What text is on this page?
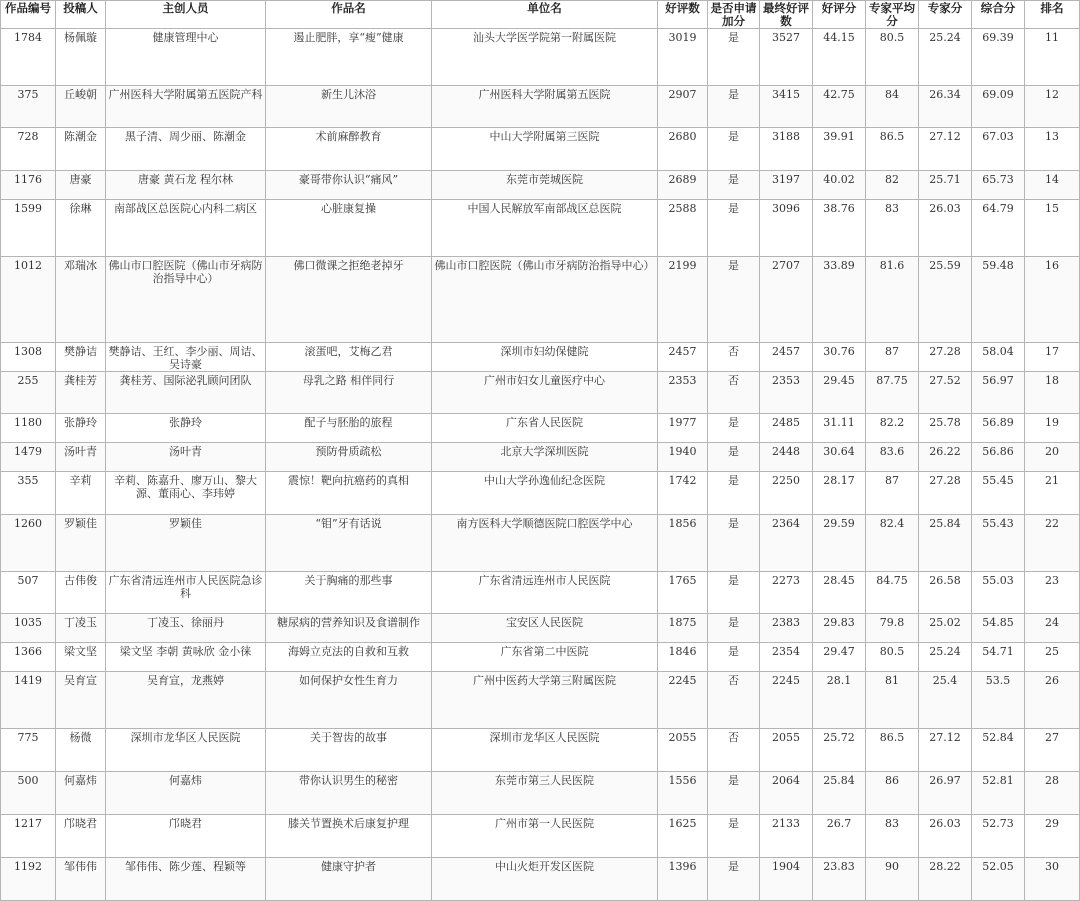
作品编号	投稿人	主创人员	作品名	单位名	好评数	是否申请加分	最终好评数	好评分	专家平均分	专家分	综合分	排名
1784	杨佩璇	健康管理中心	遏止肥胖，享“瘦”健康	汕头大学医学院第一附属医院	3019	是	3527	44.15	80.5	25.24	69.39	11
375	丘峻朝	广州医科大学附属第五医院产科	新生儿沐浴	广州医科大学附属第五医院	2907	是	3415	42.75	84	26.34	69.09	12
728	陈潮金	黑子清、周少丽、陈潮金	术前麻醉教育	中山大学附属第三医院	2680	是	3188	39.91	86.5	27.12	67.03	13
1176	唐豪	唐豪 黄石龙 程尔林	豪哥带你认识“痛风”	东莞市莞城医院	2689	是	3197	40.02	82	25.71	65.73	14
1599	徐琳	南部战区总医院心内科二病区	心脏康复操	中国人民解放军南部战区总医院	2588	是	3096	38.76	83	26.03	64.79	15
1012	邓瑞冰	佛山市口腔医院（佛山市牙病防治指导中心）	佛口微课之拒绝老掉牙	佛山市口腔医院（佛山市牙病防治指导中心）	2199	是	2707	33.89	81.6	25.59	59.48	16
1308	樊静诘	樊静诘、王红、李少丽、周诘、吴诗豪	滚蛋吧，艾梅乙君	深圳市妇幼保健院	2457	否	2457	30.76	87	27.28	58.04	17
255	龚桂芳	龚桂芳、国际泌乳顾问团队	母乳之路 相伴同行	广州市妇女儿童医疗中心	2353	否	2353	29.45	87.75	27.52	56.97	18
1180	张静玲	张静玲	配子与胚胎的旅程	广东省人民医院	1977	是	2485	31.11	82.2	25.78	56.89	19
1479	汤叶青	汤叶青	预防骨质疏松	北京大学深圳医院	1940	是	2448	30.64	83.6	26.22	56.86	20
355	辛莉	辛莉、陈嘉升、廖万山、黎大源、董雨心、李玮婷	震惊！靶向抗癌药的真相	中山大学孙逸仙纪念医院	1742	是	2250	28.17	87	27.28	55.45	21
1260	罗颖佳	罗颖佳	“钼”牙有话说	南方医科大学顺德医院口腔医学中心	1856	是	2364	29.59	82.4	25.84	55.43	22
507	古伟俊	广东省清远连州市人民医院急诊科	关于胸痛的那些事	广东省清远连州市人民医院	1765	是	2273	28.45	84.75	26.58	55.03	23
1035	丁凌玉	丁凌玉、徐丽丹	糖尿病的营养知识及食谱制作	宝安区人民医院	1875	是	2383	29.83	79.8	25.02	54.85	24
1366	梁文坚	梁文坚 李朝 黄咏欣 金小徕	海姆立克法的自救和互救	广东省第二中医院	1846	是	2354	29.47	80.5	25.24	54.71	25
1419	吴育宣	吴育宣，龙燕婷	如何保护女性生育力	广州中医药大学第三附属医院	2245	否	2245	28.1	81	25.4	53.5	26
775	杨微	深圳市龙华区人民医院	关于智齿的故事	深圳市龙华区人民医院	2055	否	2055	25.72	86.5	27.12	52.84	27
500	何嘉炜	何嘉炜	带你认识男生的秘密	东莞市第三人民医院	1556	是	2064	25.84	86	26.97	52.81	28
1217	邝晓君	邝晓君	膝关节置换术后康复护理	广州市第一人民医院	1625	是	2133	26.7	83	26.03	52.73	29
1192	邹伟伟	邹伟伟、陈少莲、程颖等	健康守护者	中山火炬开发区医院	1396	是	1904	23.83	90	28.22	52.05	30
